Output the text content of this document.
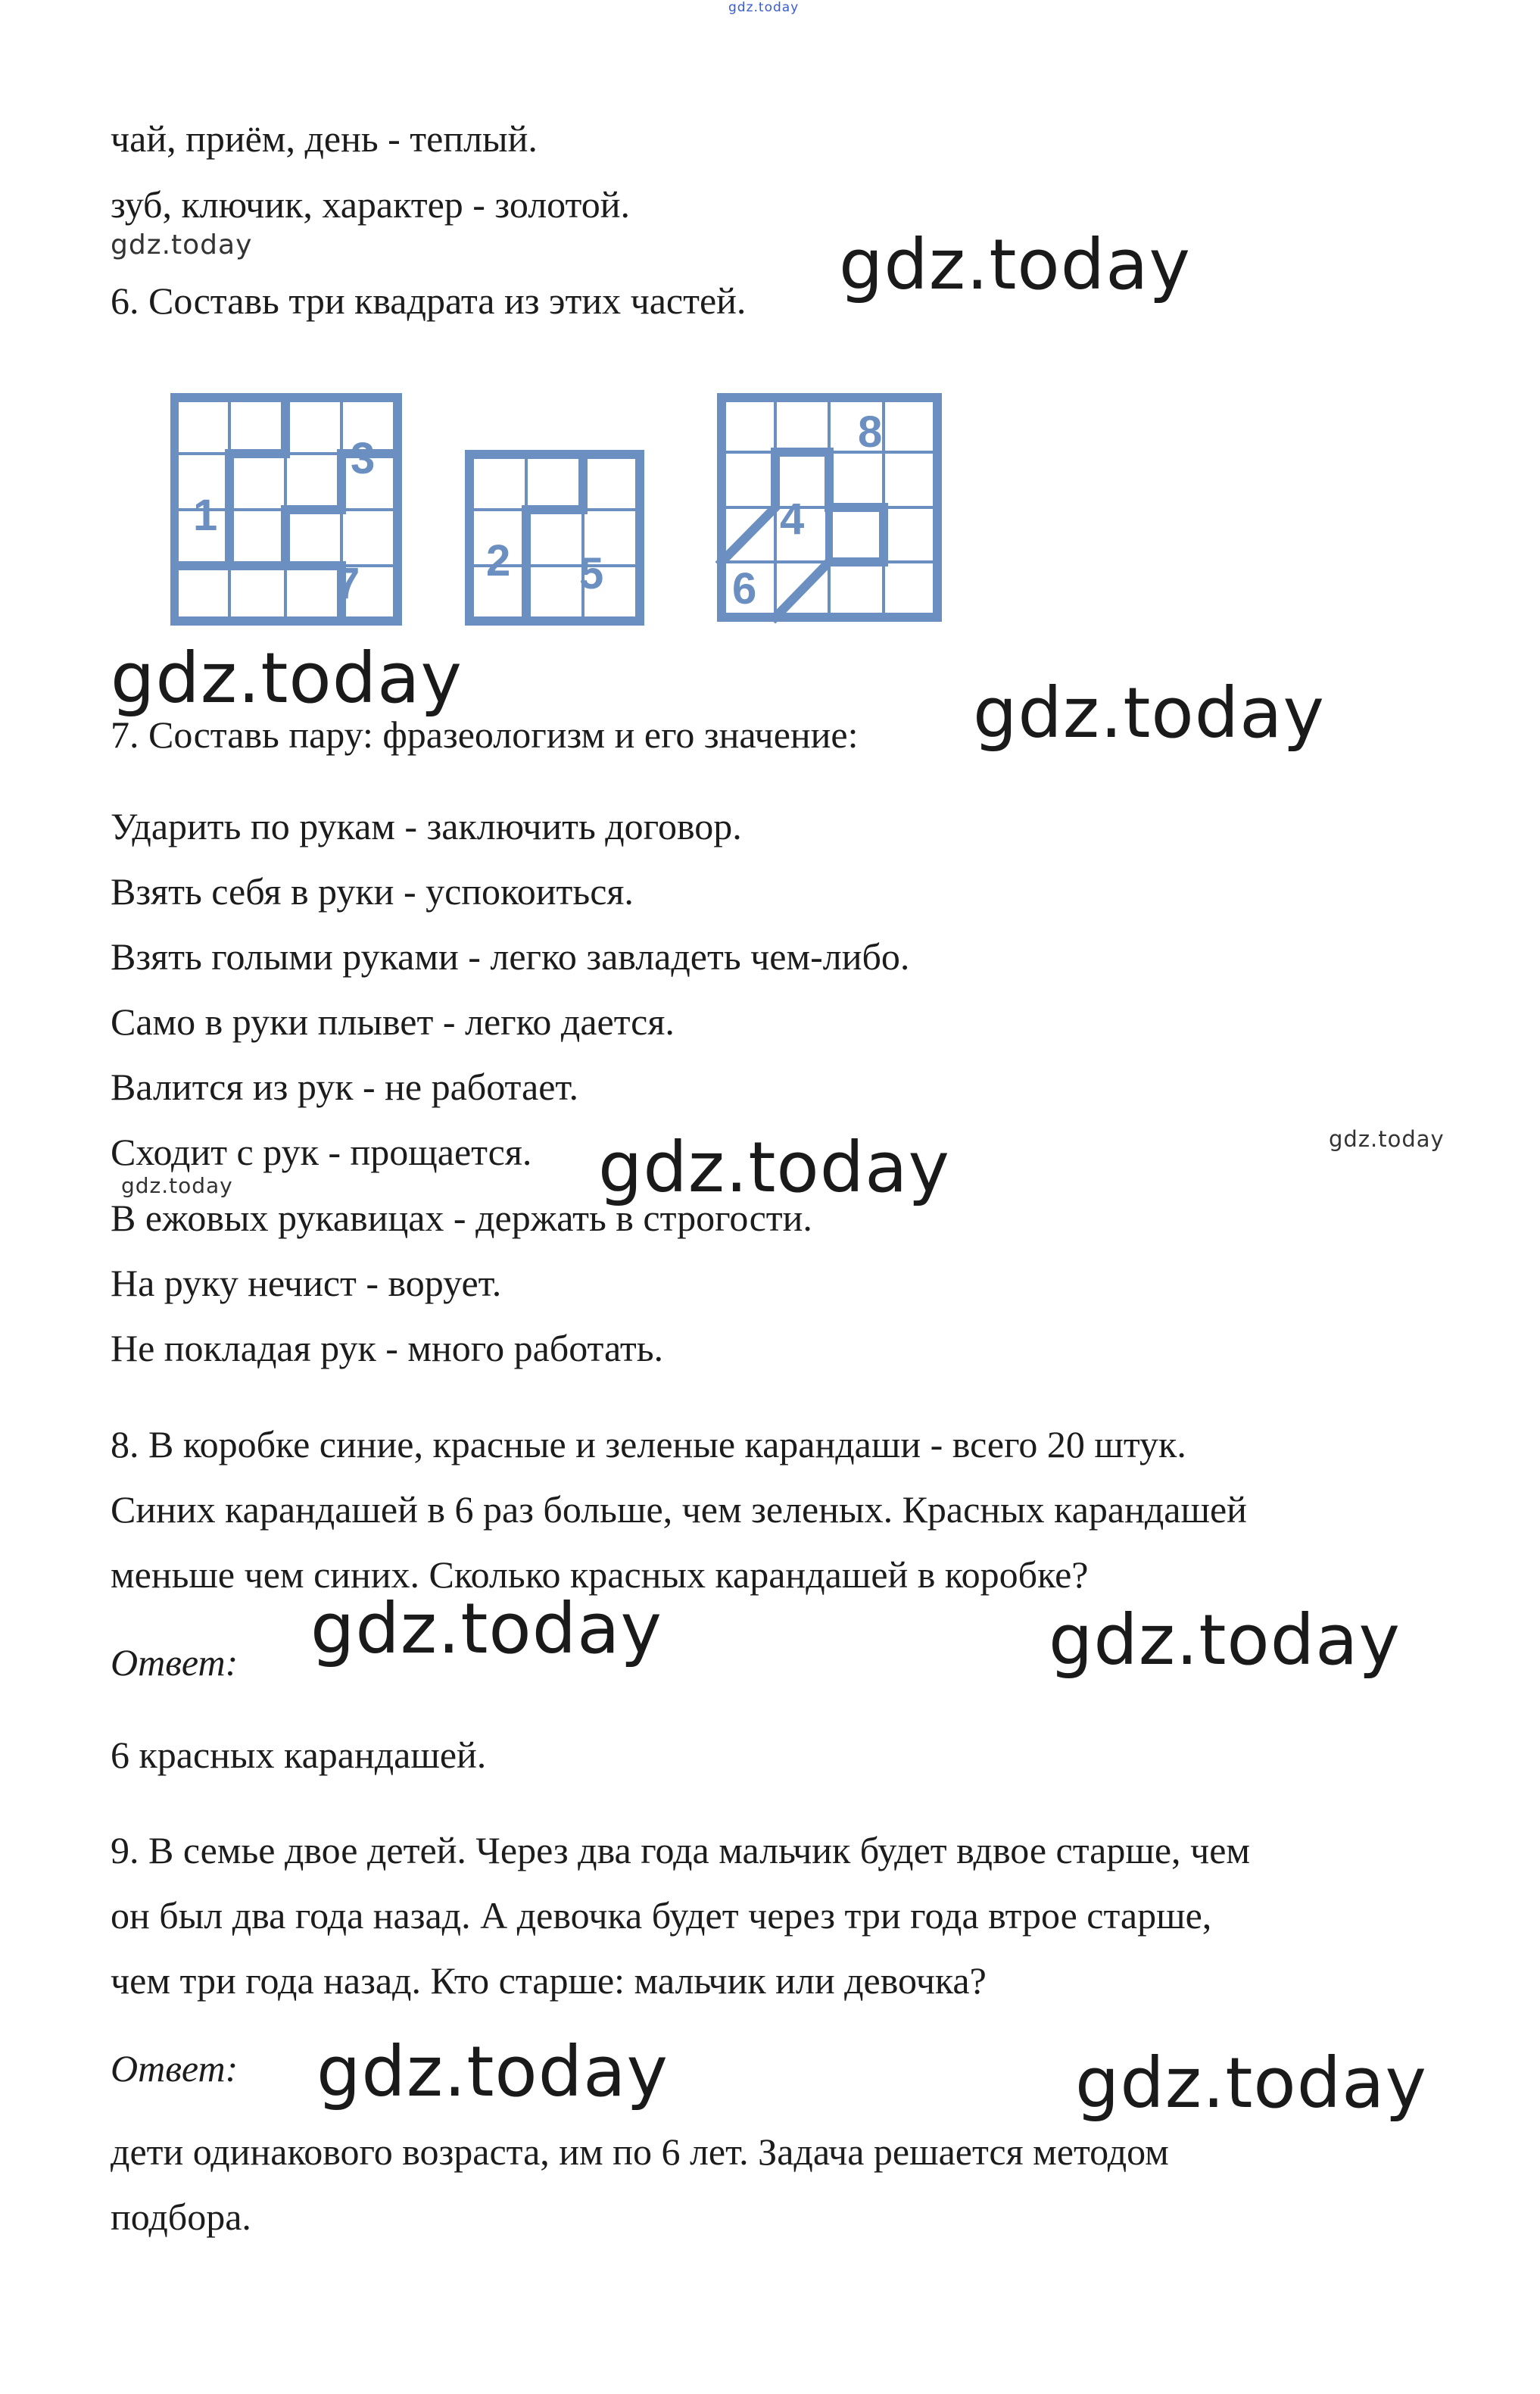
gdz.today
чай, приём, день - теплый.
зуб, ключик, характер - золотой.
gdz.today	gdz.today
6. Составь три квадрата из этих частей.
1
3
7	2 5
4
8
6
gdz.today
7. Составь пару: фразеологизм и его значение: gdz.today
Ударить по рукам - заключить договор.
Взять себя в руки - успокоиться.
Взять голыми руками - легко завладеть чем-либо.
Само в руки плывет - легко дается.
Валится из рук - не работает.
Сходит с рук - прощается. gdz.today	gdz.today
gdz.today
В ежовых рукавицах - держать в строгости.
На руку нечист - ворует.
Не покладая рук - много работать.
8. В коробке синие, красные и зеленые карандаши - всего 20 штук.
Синих карандашей в 6 раз больше, чем зеленых. Красных карандашей
меньше чем синих. Сколько красных карандашей в коробке?
gdz.today	gdz.today
Ответ:
6 красных карандашей.
9. В семье двое детей. Через два года мальчик будет вдвое старше, чем
он был два года назад. А девочка будет через три года втрое старше,
чем три года назад. Кто старше: мальчик или девочка?
Ответ: gdz.today	gdz.today
дети одинакового возраста, им по 6 лет. Задача решается методом
подбора.
